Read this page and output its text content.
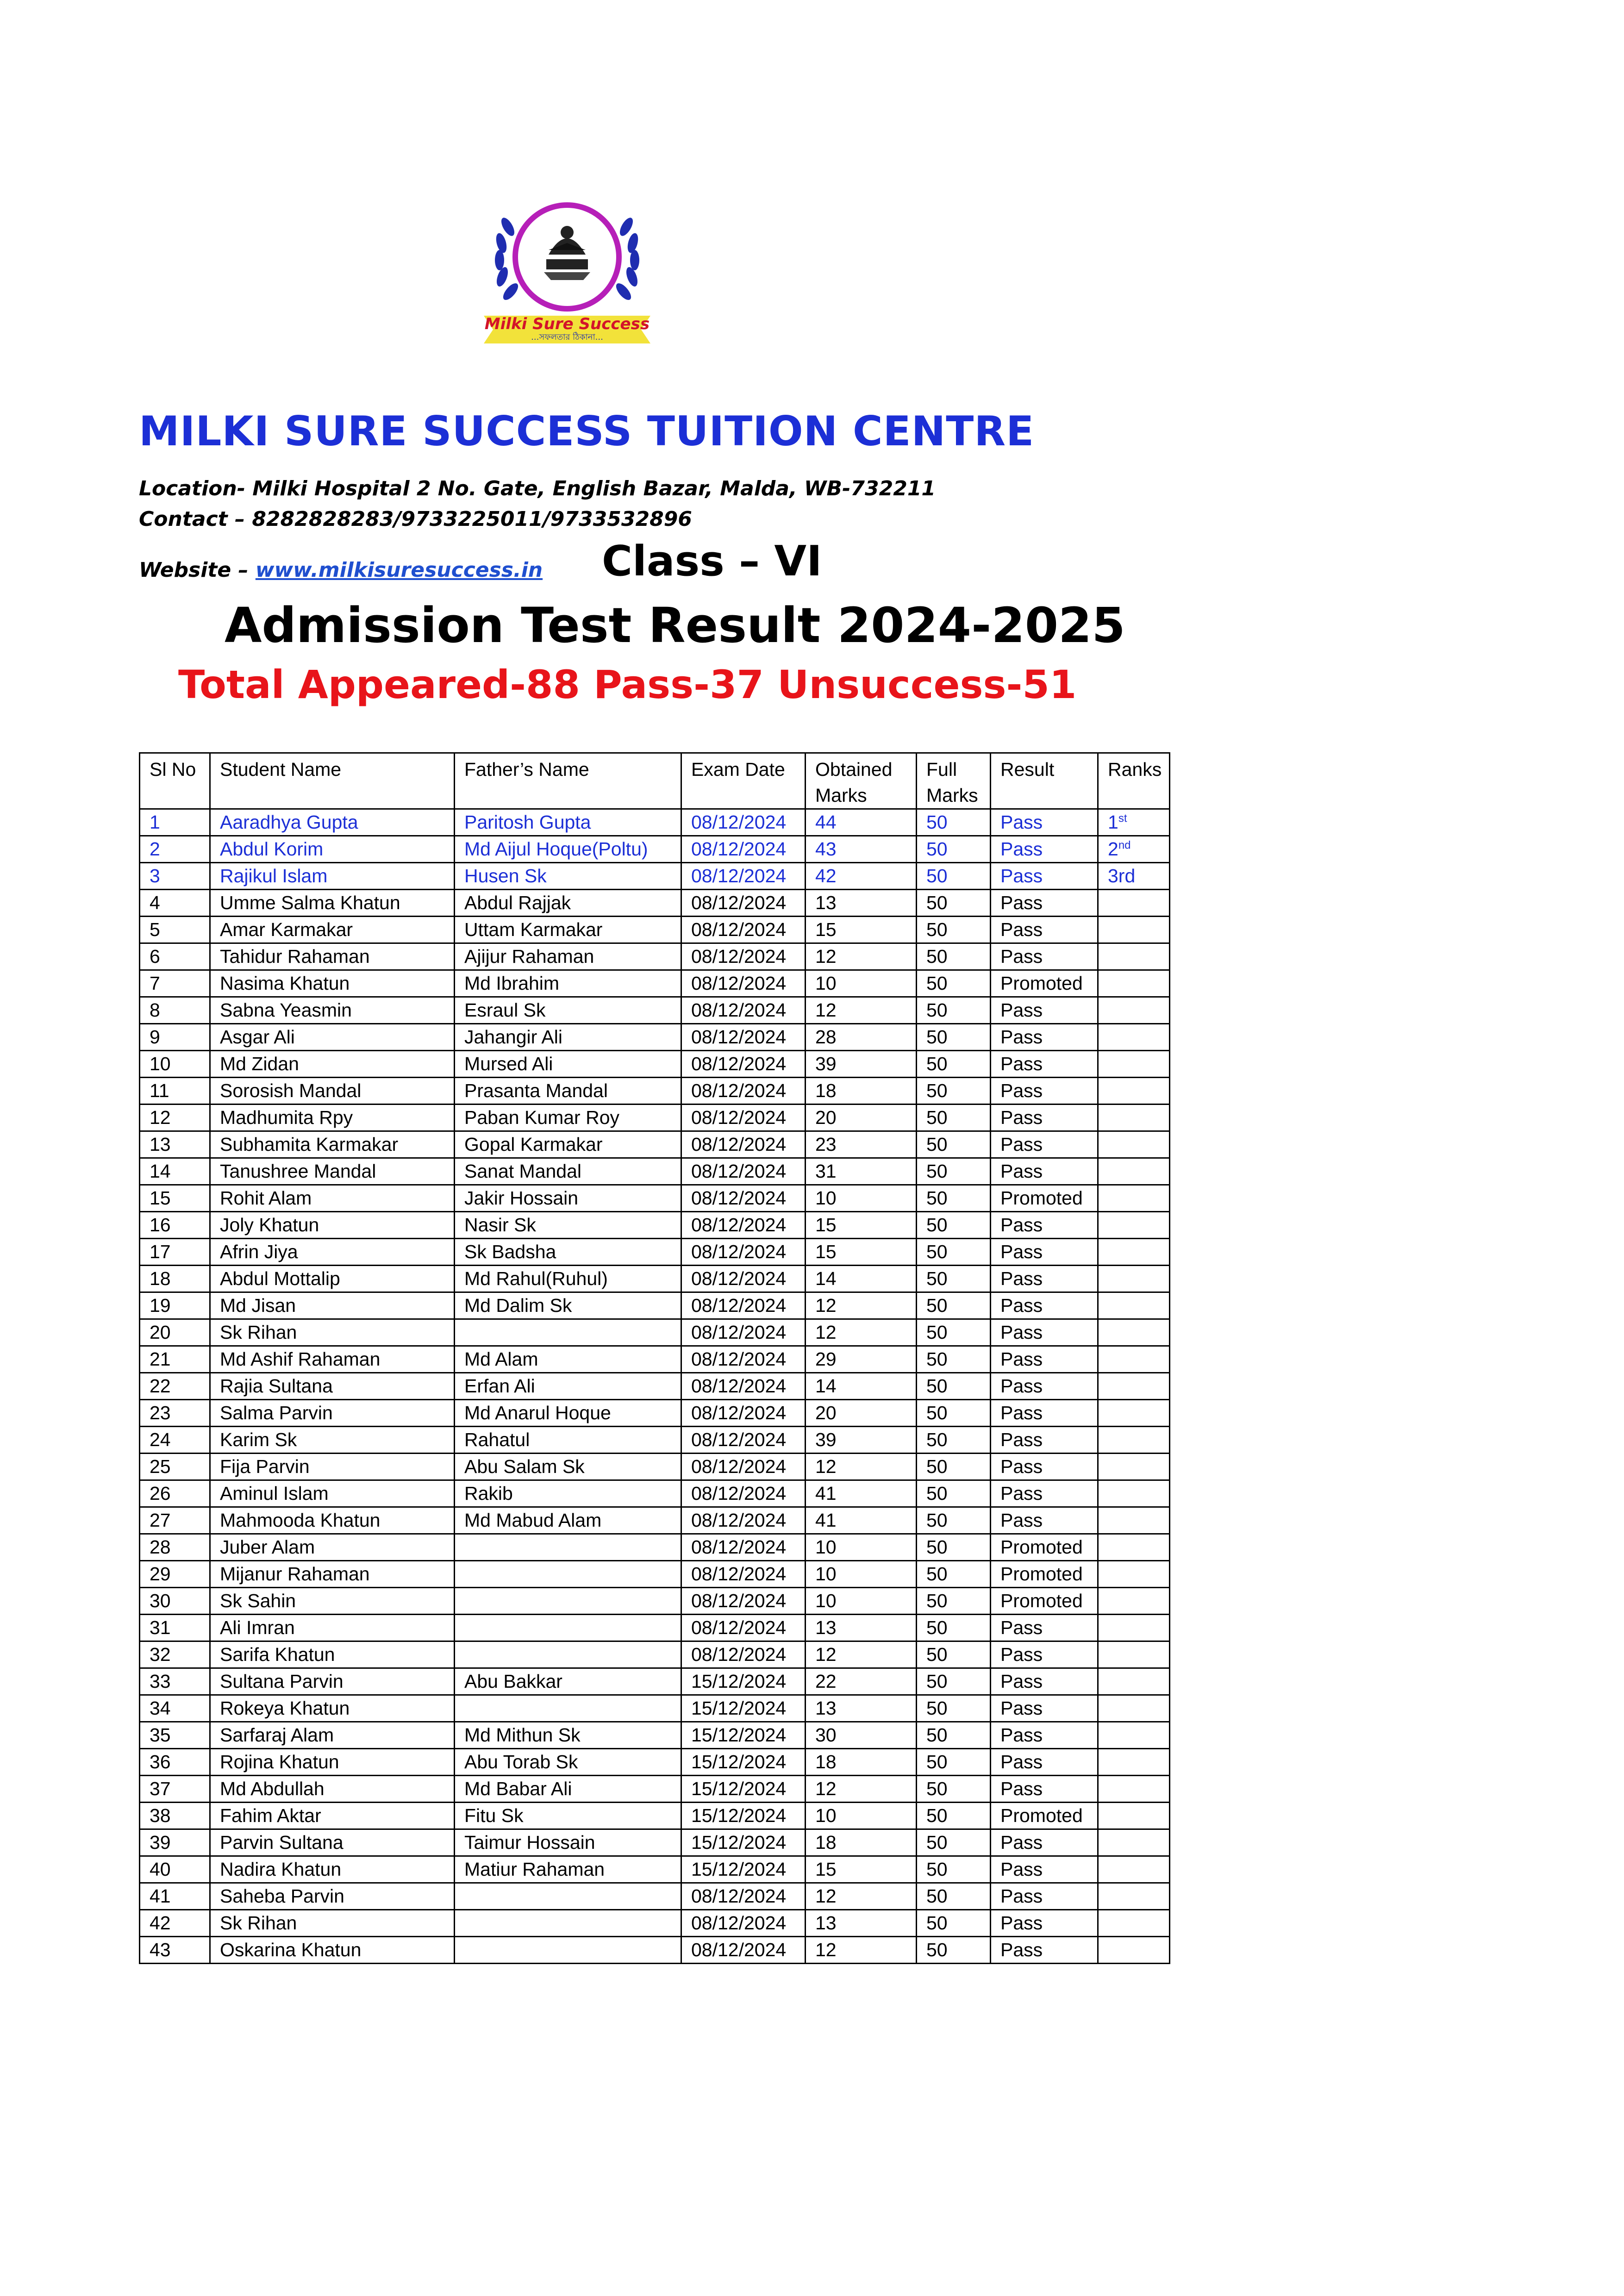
Milki Sure Success
...সফলতার ঠিকানা...
MILKI SURE SUCCESS TUITION CENTRE
Location- Milki Hospital 2 No. Gate, English Bazar, Malda, WB-732211
Contact – 8282828283/9733225011/9733532896
Website – www.milkisuresuccess.in Class – VI
Admission Test Result 2024-2025
Total Appeared-88 Pass-37 Unsuccess-51
Sl No	Student Name	Father’s Name	Exam Date	Obtained Marks	Full Marks	Result	Ranks
1	Aaradhya Gupta	Paritosh Gupta	08/12/2024	44	50	Pass	1st
2	Abdul Korim	Md Aijul Hoque(Poltu)	08/12/2024	43	50	Pass	2nd
3	Rajikul Islam	Husen Sk	08/12/2024	42	50	Pass	3rd
4	Umme Salma Khatun	Abdul Rajjak	08/12/2024	13	50	Pass	
5	Amar Karmakar	Uttam Karmakar	08/12/2024	15	50	Pass	
6	Tahidur Rahaman	Ajijur Rahaman	08/12/2024	12	50	Pass	
7	Nasima Khatun	Md Ibrahim	08/12/2024	10	50	Promoted	
8	Sabna Yeasmin	Esraul Sk	08/12/2024	12	50	Pass	
9	Asgar Ali	Jahangir Ali	08/12/2024	28	50	Pass	
10	Md Zidan	Mursed Ali	08/12/2024	39	50	Pass	
11	Sorosish Mandal	Prasanta Mandal	08/12/2024	18	50	Pass	
12	Madhumita Rpy	Paban Kumar Roy	08/12/2024	20	50	Pass	
13	Subhamita Karmakar	Gopal Karmakar	08/12/2024	23	50	Pass	
14	Tanushree Mandal	Sanat Mandal	08/12/2024	31	50	Pass	
15	Rohit Alam	Jakir Hossain	08/12/2024	10	50	Promoted	
16	Joly Khatun	Nasir Sk	08/12/2024	15	50	Pass	
17	Afrin Jiya	Sk Badsha	08/12/2024	15	50	Pass	
18	Abdul Mottalip	Md Rahul(Ruhul)	08/12/2024	14	50	Pass	
19	Md Jisan	Md Dalim Sk	08/12/2024	12	50	Pass	
20	Sk Rihan		08/12/2024	12	50	Pass	
21	Md Ashif Rahaman	Md Alam	08/12/2024	29	50	Pass	
22	Rajia Sultana	Erfan Ali	08/12/2024	14	50	Pass	
23	Salma Parvin	Md Anarul Hoque	08/12/2024	20	50	Pass	
24	Karim Sk	Rahatul	08/12/2024	39	50	Pass	
25	Fija Parvin	Abu Salam Sk	08/12/2024	12	50	Pass	
26	Aminul Islam	Rakib	08/12/2024	41	50	Pass	
27	Mahmooda Khatun	Md Mabud Alam	08/12/2024	41	50	Pass	
28	Juber Alam		08/12/2024	10	50	Promoted	
29	Mijanur Rahaman		08/12/2024	10	50	Promoted	
30	Sk Sahin		08/12/2024	10	50	Promoted	
31	Ali Imran		08/12/2024	13	50	Pass	
32	Sarifa Khatun		08/12/2024	12	50	Pass	
33	Sultana Parvin	Abu Bakkar	15/12/2024	22	50	Pass	
34	Rokeya Khatun		15/12/2024	13	50	Pass	
35	Sarfaraj Alam	Md Mithun Sk	15/12/2024	30	50	Pass	
36	Rojina Khatun	Abu Torab Sk	15/12/2024	18	50	Pass	
37	Md Abdullah	Md Babar Ali	15/12/2024	12	50	Pass	
38	Fahim Aktar	Fitu Sk	15/12/2024	10	50	Promoted	
39	Parvin Sultana	Taimur Hossain	15/12/2024	18	50	Pass	
40	Nadira Khatun	Matiur Rahaman	15/12/2024	15	50	Pass	
41	Saheba Parvin		08/12/2024	12	50	Pass	
42	Sk Rihan		08/12/2024	13	50	Pass	
43	Oskarina Khatun		08/12/2024	12	50	Pass	
